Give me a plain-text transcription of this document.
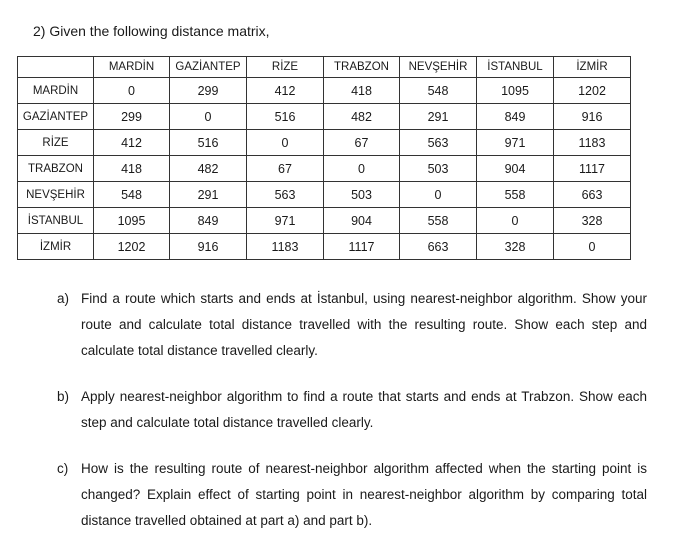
2) Given the following distance matrix,
	MARDİN	GAZİANTEP	RİZE	TRABZON	NEVŞEHİR	İSTANBUL	İZMİR
MARDİN	0	299	412	418	548	1095	1202
GAZİANTEP	299	0	516	482	291	849	916
RİZE	412	516	0	67	563	971	1183
TRABZON	418	482	67	0	503	904	1117
NEVŞEHİR	548	291	563	503	0	558	663
İSTANBUL	1095	849	971	904	558	0	328
İZMİR	1202	916	1183	1117	663	328	0
a) Find a route which starts and ends at İstanbul, using nearest-neighbor algorithm. Show your route and calculate total distance travelled with the resulting route. Show each step and calculate total distance travelled clearly.
b) Apply nearest-neighbor algorithm to find a route that starts and ends at Trabzon. Show each step and calculate total distance travelled clearly.
c) How is the resulting route of nearest-neighbor algorithm affected when the starting point is changed? Explain effect of starting point in nearest-neighbor algorithm by comparing total distance travelled obtained at part a) and part b).
